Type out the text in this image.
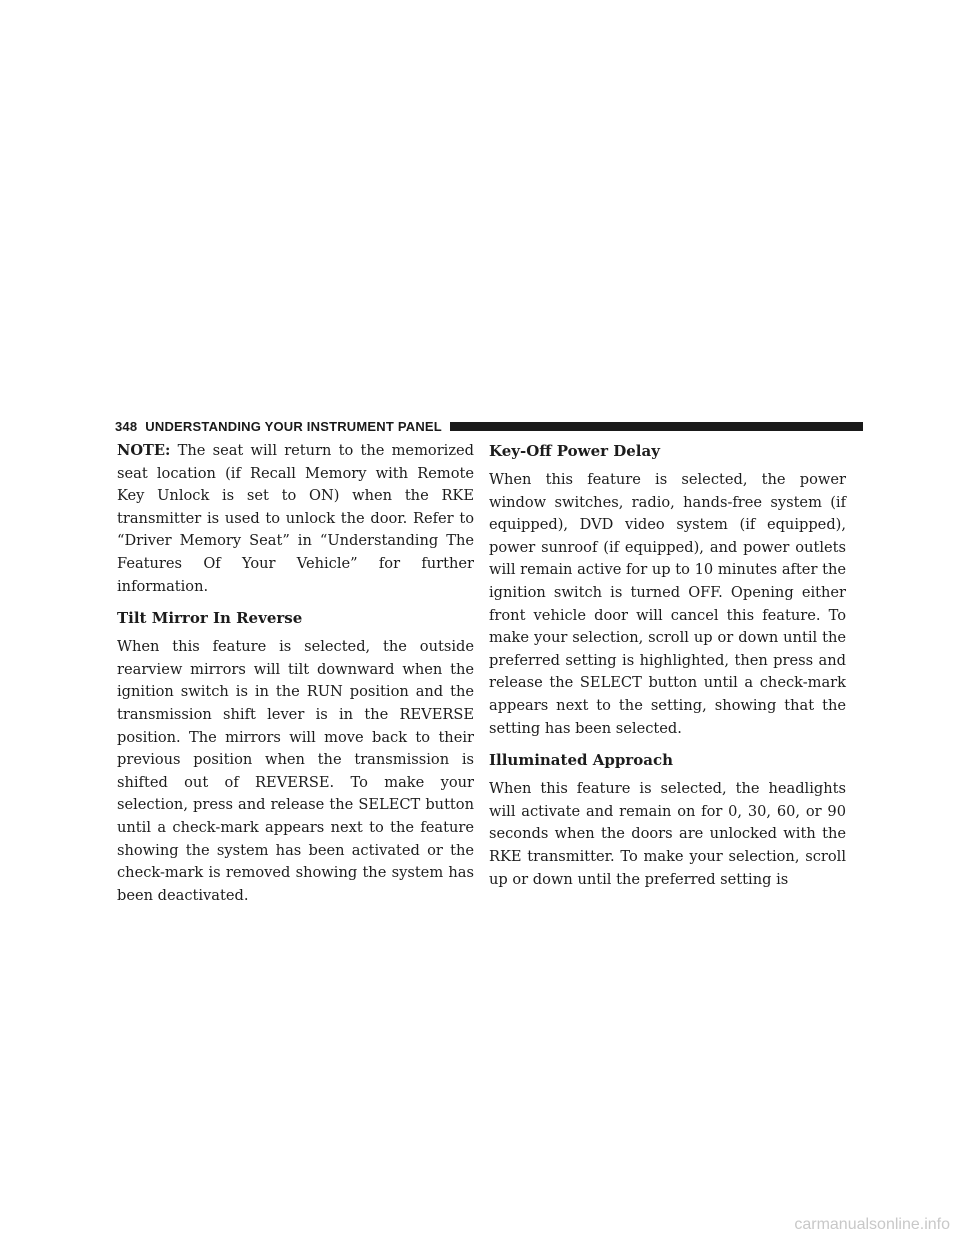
348 UNDERSTANDING YOUR INSTRUMENT PANEL

NOTE: The seat will return to the memorized seat location (if Recall Memory with Remote Key Unlock is set to ON) when the RKE transmitter is used to unlock the door. Refer to “Driver Memory Seat” in “Understanding The Features Of Your Vehicle” for further information.

Tilt Mirror In Reverse

When this feature is selected, the outside rearview mirrors will tilt downward when the ignition switch is in the RUN position and the transmission shift lever is in the REVERSE position. The mirrors will move back to their previous position when the transmission is shifted out of REVERSE. To make your selection, press and release the SELECT button until a check-mark appears next to the feature showing the system has been activated or the check-mark is removed showing the system has been deactivated.

Key-Off Power Delay

When this feature is selected, the power window switches, radio, hands-free system (if equipped), DVD video system (if equipped), power sunroof (if equipped), and power outlets will remain active for up to 10 minutes after the ignition switch is turned OFF. Opening either front vehicle door will cancel this feature. To make your selection, scroll up or down until the preferred setting is highlighted, then press and release the SELECT button until a check-mark appears next to the setting, showing that the setting has been selected.

Illuminated Approach

When this feature is selected, the headlights will activate and remain on for 0, 30, 60, or 90 seconds when the doors are unlocked with the RKE transmitter. To make your selection, scroll up or down until the preferred setting is

carmanualsonline.info
